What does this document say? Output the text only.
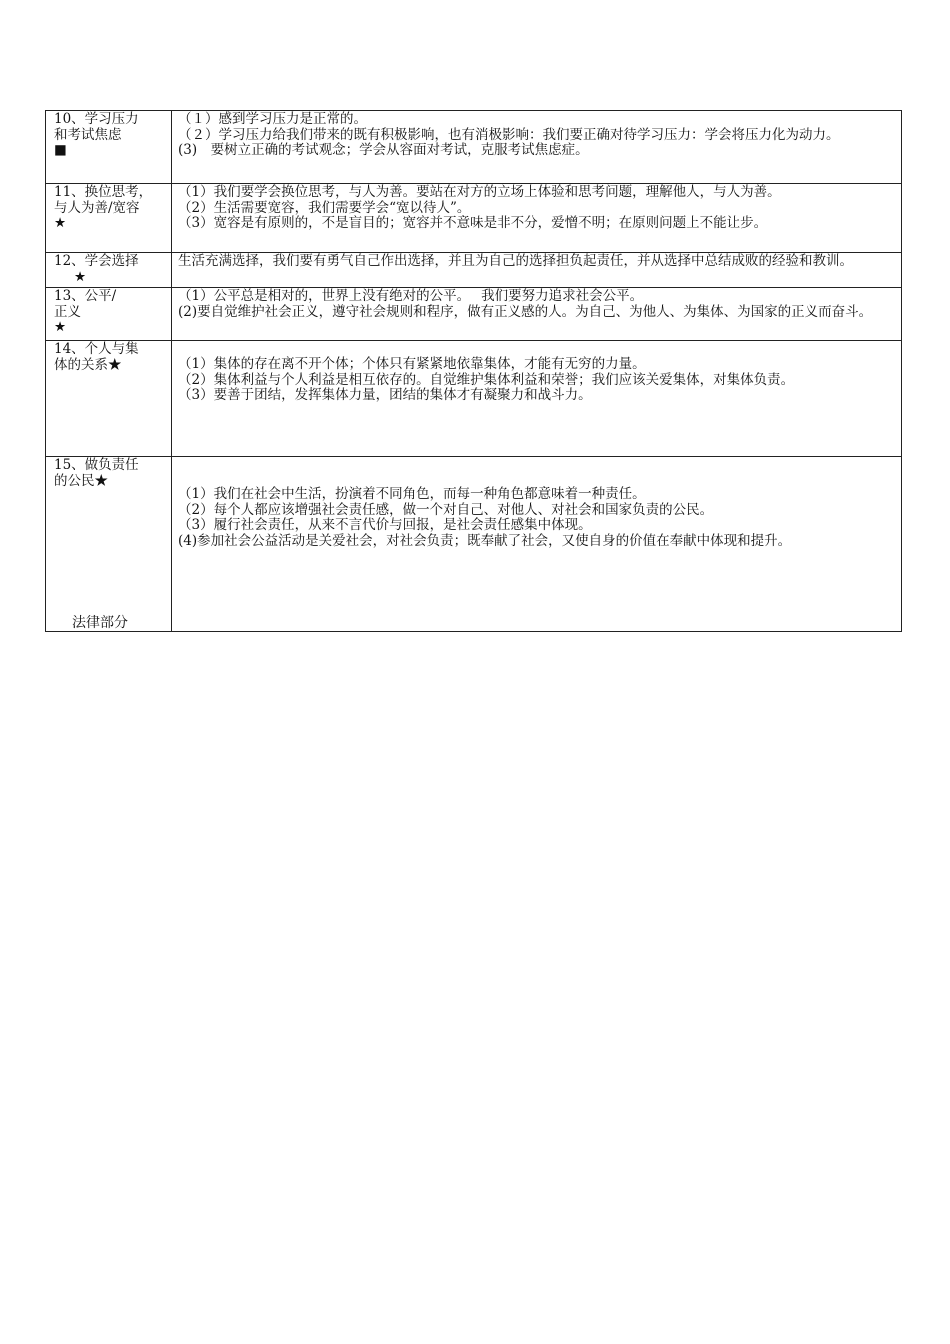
10、学习压力
和考试焦虑
■	（１）感到学习压力是正常的。
（２）学习压力给我们带来的既有积极影响，也有消极影响：我们要正确对待学习压力：学会将压力化为动力。
(3)　要树立正确的考试观念；学会从容面对考试，克服考试焦虑症。

11、换位思考，
与人为善/宽容
★	（1）我们要学会换位思考，与人为善。要站在对方的立场上体验和思考问题，理解他人，与人为善。
（2）生活需要宽容，我们需要学会“宽以待人”。
（3）宽容是有原则的，不是盲目的；宽容并不意味是非不分，爱憎不明；在原则问题上不能让步。

12、学会选择
★	生活充满选择，我们要有勇气自己作出选择，并且为自己的选择担负起责任，并从选择中总结成败的经验和教训。

13、公平/
正义
★	（1）公平总是相对的，世界上没有绝对的公平。　 我们要努力追求社会公平。
(2)要自觉维护社会正义，遵守社会规则和程序，做有正义感的人。为自己、为他人、为集体、为国家的正义而奋斗。

14、个人与集
体的关系★	（1）集体的存在离不开个体；个体只有紧紧地依靠集体，才能有无穷的力量。
（2）集体利益与个人利益是相互依存的。自觉维护集体利益和荣誉；我们应该关爱集体，对集体负责。
（3）要善于团结，发挥集体力量，团结的集体才有凝聚力和战斗力。

15、做负责任
的公民★	（1）我们在社会中生活，扮演着不同角色，而每一种角色都意味着一种责任。
（2）每个人都应该增强社会责任感，做一个对自己、对他人、对社会和国家负责的公民。
（3）履行社会责任，从来不言代价与回报，是社会责任感集中体现。
(4)参加社会公益活动是关爱社会，对社会负责；既奉献了社会，又使自身的价值在奉献中体现和提升。
法律部分
